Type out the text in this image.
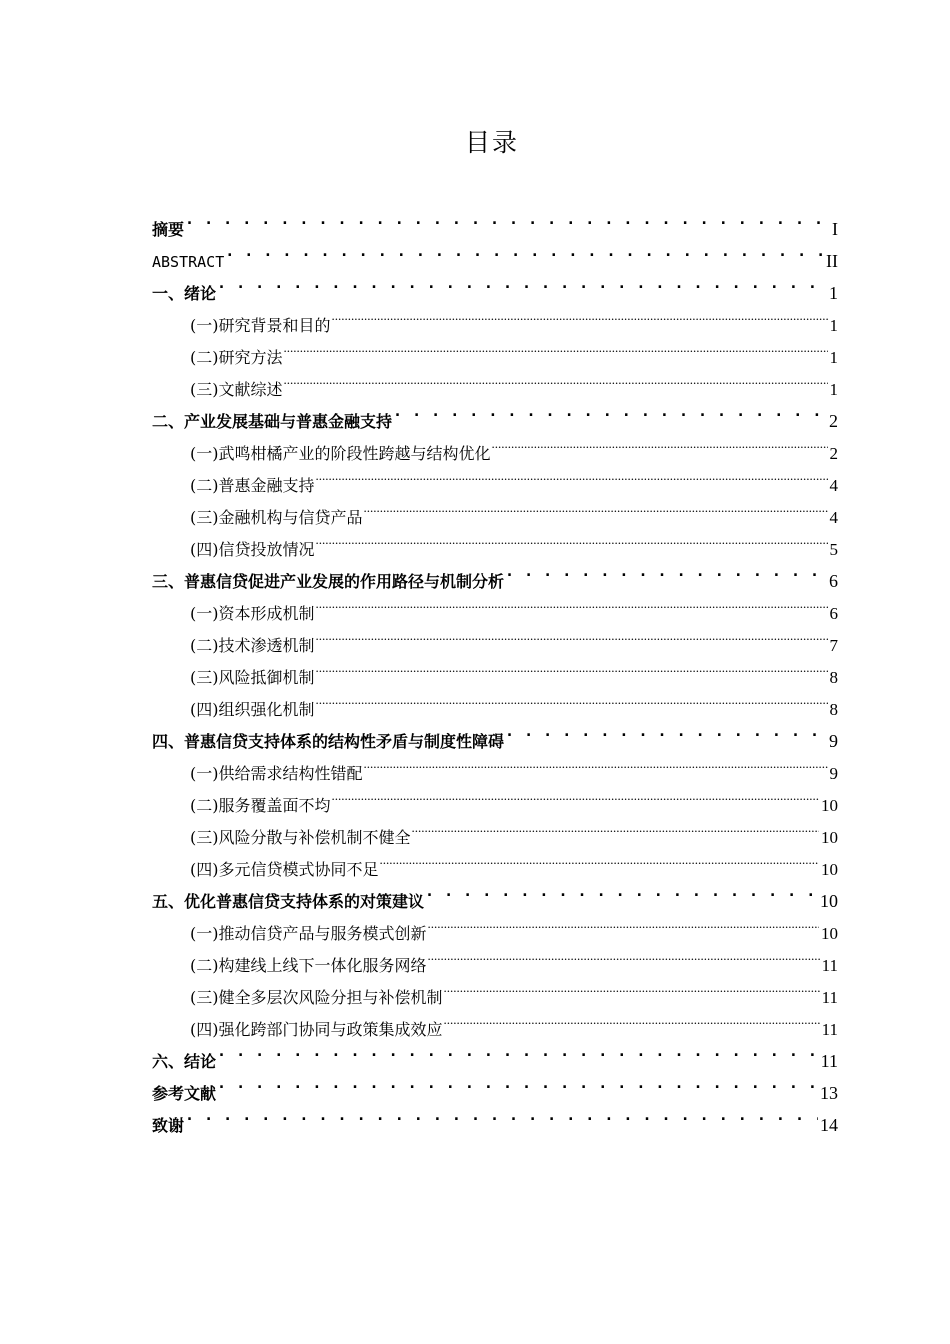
目录
摘要 . . .	I
ABSTRACT . . .	II
一、绪论 . . .	1
(一)研究背景和目的 .....	1
(二)研究方法 .....	1
(三)文献综述 .....	1
二、产业发展基础与普惠金融支持 . . .	2
(一)武鸣柑橘产业的阶段性跨越与结构优化 .....	2
(二)普惠金融支持 .....	4
(三)金融机构与信贷产品 .....	4
(四)信贷投放情况 .....	5
三、普惠信贷促进产业发展的作用路径与机制分析 . . .	6
(一)资本形成机制 .....	6
(二)技术渗透机制 .....	7
(三)风险抵御机制 .....	8
(四)组织强化机制 .....	8
四、普惠信贷支持体系的结构性矛盾与制度性障碍 . . .	9
(一)供给需求结构性错配 .....	9
(二)服务覆盖面不均 .....	10
(三)风险分散与补偿机制不健全 .....	10
(四)多元信贷模式协同不足 .....	10
五、优化普惠信贷支持体系的对策建议 . . .	10
(一)推动信贷产品与服务模式创新 .....	10
(二)构建线上线下一体化服务网络 .....	11
(三)健全多层次风险分担与补偿机制 .....	11
(四)强化跨部门协同与政策集成效应 .....	11
六、结论 . . .	11
参考文献 . . .	13
致谢 . . .	14
